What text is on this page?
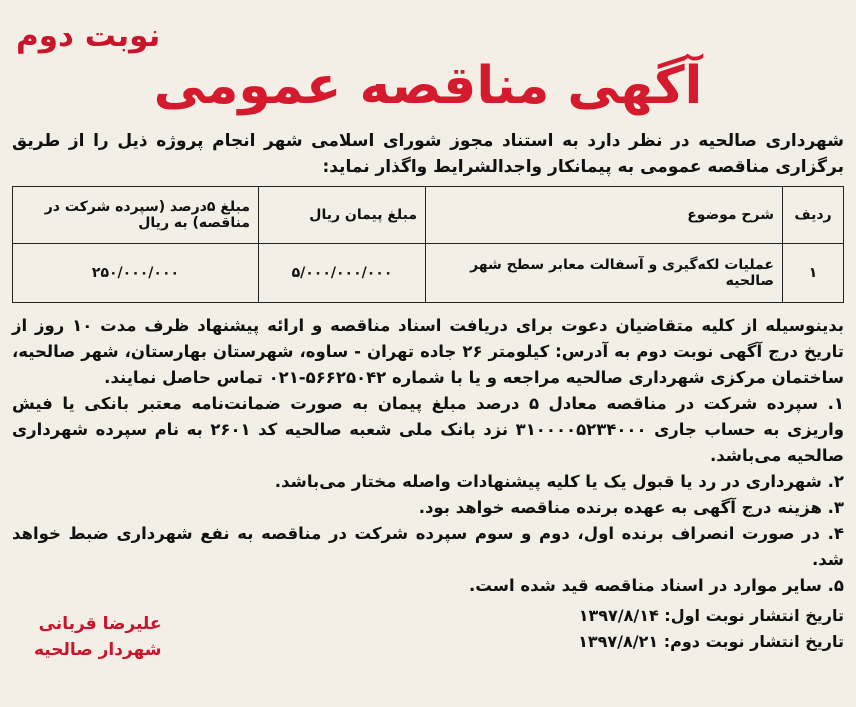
نوبت دوم
آگهی مناقصه عمومی
شهرداری صالحیه در نظر دارد به استناد مجوز شورای اسلامی شهر انجام پروژه ذیل را از طریق برگزاری مناقصه عمومی به پیمانکار واجدالشرایط واگذار نماید:
ردیف	شرح موضوع	مبلغ پیمان ریال	مبلغ ۵درصد (سپرده شرکت در مناقصه) به ریال
۱	عملیات لکه‌گیری و آسفالت معابر سطح شهر صالحیه	۵/۰۰۰/۰۰۰/۰۰۰	۲۵۰/۰۰۰/۰۰۰

بدینوسیله از کلیه متقاضیان دعوت برای دریافت اسناد مناقصه و ارائه پیشنهاد ظرف مدت ۱۰ روز از تاریخ درج آگهی نوبت دوم به آدرس: کیلومتر ۲۶ جاده تهران - ساوه، شهرستان بهارستان، شهر صالحیه، ساختمان مرکزی شهرداری صالحیه مراجعه و یا با شماره ۵۶۶۲۵۰۴۲-۰۲۱ تماس حاصل نمایند.

۱. سپرده شرکت در مناقصه معادل ۵ درصد مبلغ پیمان به صورت ضمانت‌نامه معتبر بانکی یا فیش واریزی به حساب جاری ۳۱۰۰۰۰۵۲۳۴۰۰۰ نزد بانک ملی شعبه صالحیه کد ۲۶۰۱ به نام سپرده شهرداری صالحیه می‌باشد.

۲. شهرداری در رد یا قبول یک یا کلیه پیشنهادات واصله مختار می‌باشد.

۳. هزینه درج آگهی به عهده برنده مناقصه خواهد بود.

۴. در صورت انصراف برنده اول، دوم و سوم سپرده شرکت در مناقصه به نفع شهرداری ضبط خواهد شد.

۵. سایر موارد در اسناد مناقصه قید شده است.

تاریخ انتشار نوبت اول: ۱۳۹۷/۸/۱۴
تاریخ انتشار نوبت دوم: ۱۳۹۷/۸/۲۱
علیرضا قربانی
شهردار صالحیه
